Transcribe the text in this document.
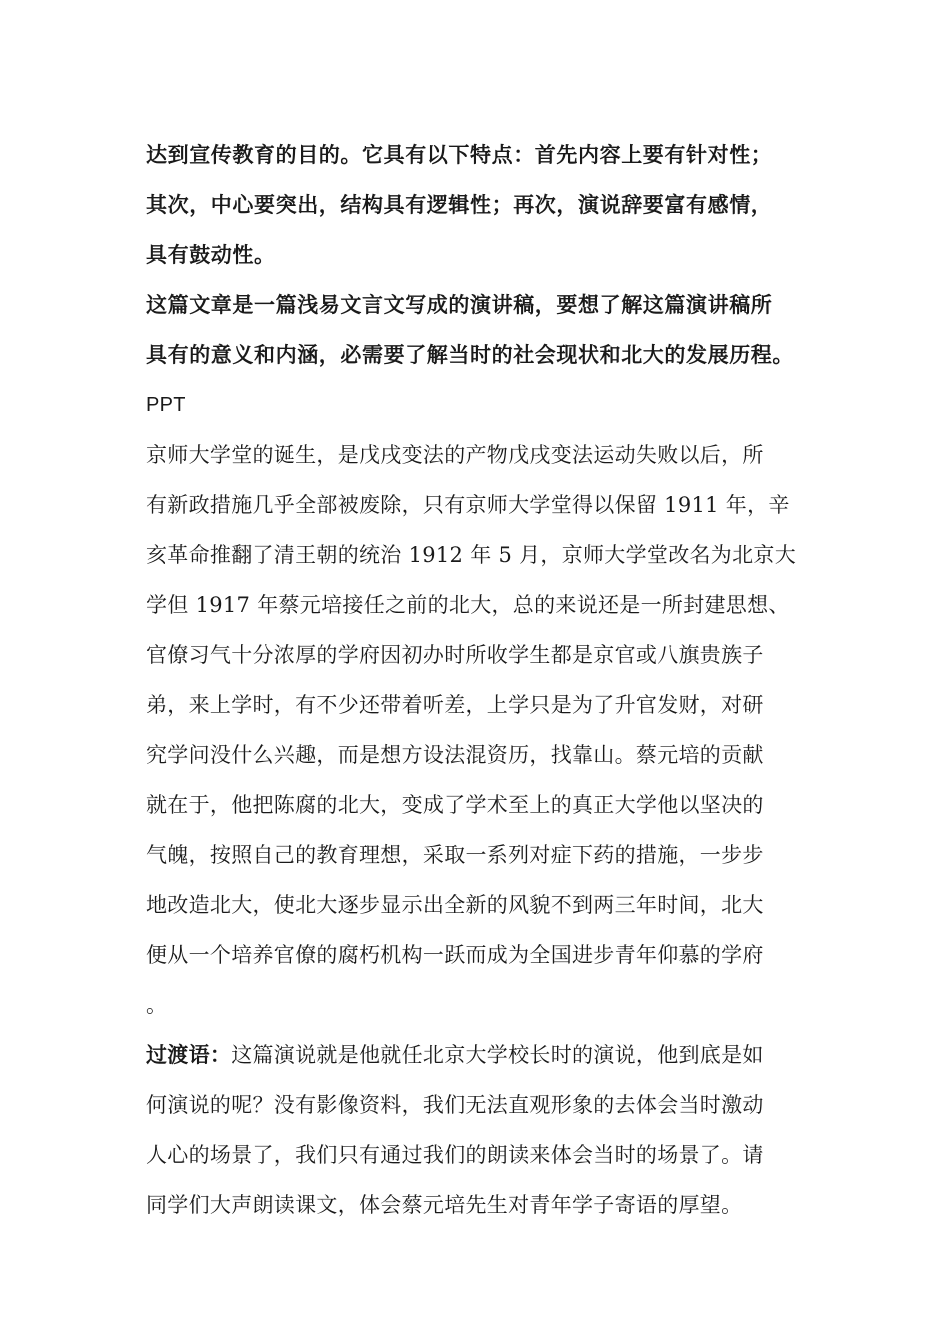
达到宣传教育的目的。它具有以下特点：首先内容上要有针对性；
其次，中心要突出，结构具有逻辑性；再次，演说辞要富有感情，
具有鼓动性。
这篇文章是一篇浅易文言文写成的演讲稿，要想了解这篇演讲稿所
具有的意义和内涵，必需要了解当时的社会现状和北大的发展历程。
PPT
京师大学堂的诞生，是戊戌变法的产物戊戌变法运动失败以后，所
有新政措施几乎全部被废除，只有京师大学堂得以保留 1911 年，辛
亥革命推翻了清王朝的统治 1912 年 5 月，京师大学堂改名为北京大
学但 1917 年蔡元培接任之前的北大，总的来说还是一所封建思想、
官僚习气十分浓厚的学府因初办时所收学生都是京官或八旗贵族子
弟，来上学时，有不少还带着听差，上学只是为了升官发财，对研
究学问没什么兴趣，而是想方设法混资历，找靠山。蔡元培的贡献
就在于，他把陈腐的北大，变成了学术至上的真正大学他以坚决的
气魄，按照自己的教育理想，采取一系列对症下药的措施，一步步
地改造北大，使北大逐步显示出全新的风貌不到两三年时间，北大
便从一个培养官僚的腐朽机构一跃而成为全国进步青年仰慕的学府
。
过渡语：这篇演说就是他就任北京大学校长时的演说，他到底是如
何演说的呢？没有影像资料，我们无法直观形象的去体会当时激动
人心的场景了，我们只有通过我们的朗读来体会当时的场景了。请
同学们大声朗读课文，体会蔡元培先生对青年学子寄语的厚望。
